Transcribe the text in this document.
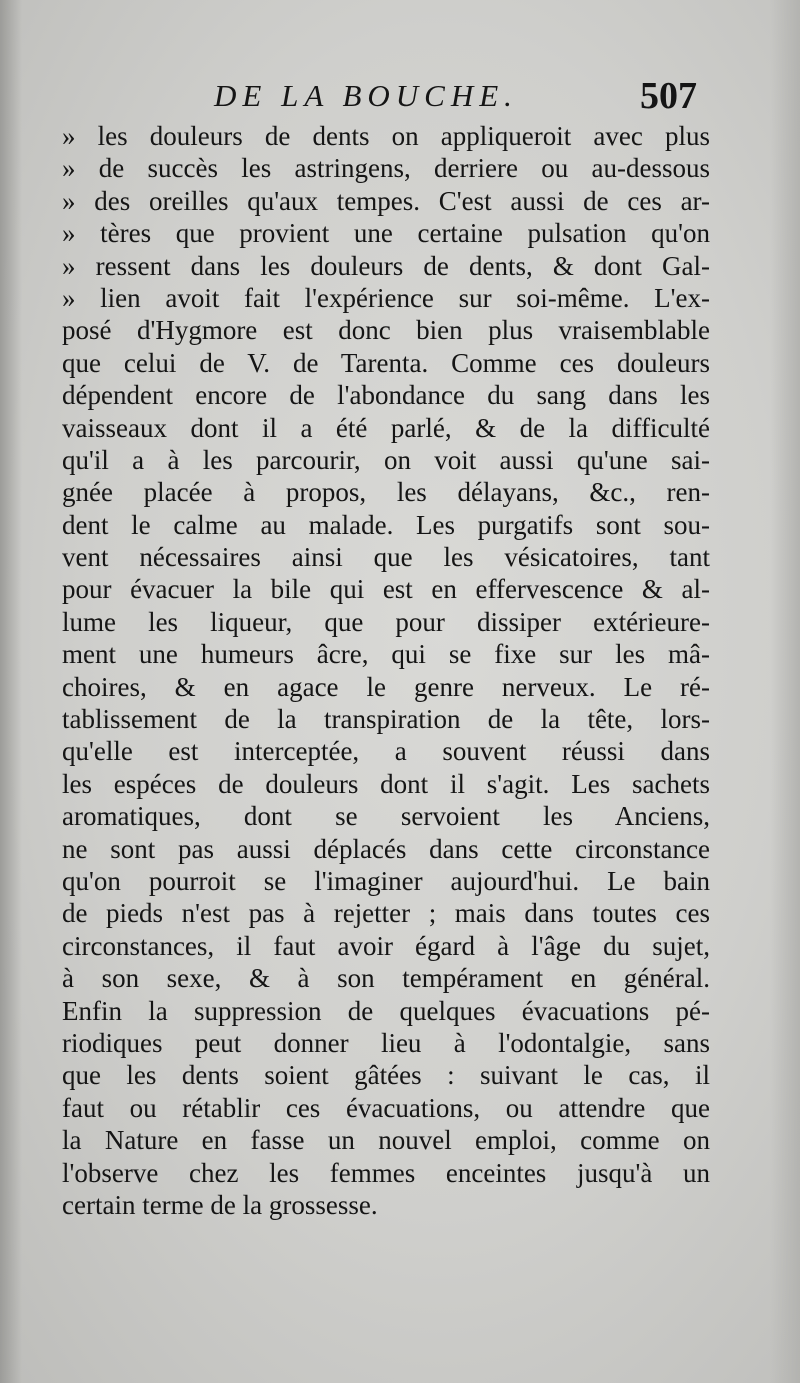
DE LA BOUCHE.	507
» les douleurs de dents on appliqueroit avec plus
» de succès les astringens, derriere ou au-dessous
» des oreilles qu'aux tempes. C'est aussi de ces ar-
» tères que provient une certaine pulsation qu'on
» ressent dans les douleurs de dents, & dont Gal-
» lien avoit fait l'expérience sur soi-même. L'ex-
posé d'Hygmore est donc bien plus vraisemblable
que celui de V. de Tarenta. Comme ces douleurs
dépendent encore de l'abondance du sang dans les
vaisseaux dont il a été parlé, & de la difficulté
qu'il a à les parcourir, on voit aussi qu'une sai-
gnée placée à propos, les délayans, &c., ren-
dent le calme au malade. Les purgatifs sont sou-
vent nécessaires ainsi que les vésicatoires, tant
pour évacuer la bile qui est en effervescence & al-
lume les liqueur, que pour dissiper extérieure-
ment une humeurs âcre, qui se fixe sur les mâ-
choires, & en agace le genre nerveux. Le ré-
tablissement de la transpiration de la tête, lors-
qu'elle est interceptée, a souvent réussi dans
les espéces de douleurs dont il s'agit. Les sachets
aromatiques, dont se servoient les Anciens,
ne sont pas aussi déplacés dans cette circonstance
qu'on pourroit se l'imaginer aujourd'hui. Le bain
de pieds n'est pas à rejetter ; mais dans toutes ces
circonstances, il faut avoir égard à l'âge du sujet,
à son sexe, & à son tempérament en général.
Enfin la suppression de quelques évacuations pé-
riodiques peut donner lieu à l'odontalgie, sans
que les dents soient gâtées : suivant le cas, il
faut ou rétablir ces évacuations, ou attendre que
la Nature en fasse un nouvel emploi, comme on
l'observe chez les femmes enceintes jusqu'à un
certain terme de la grossesse.
